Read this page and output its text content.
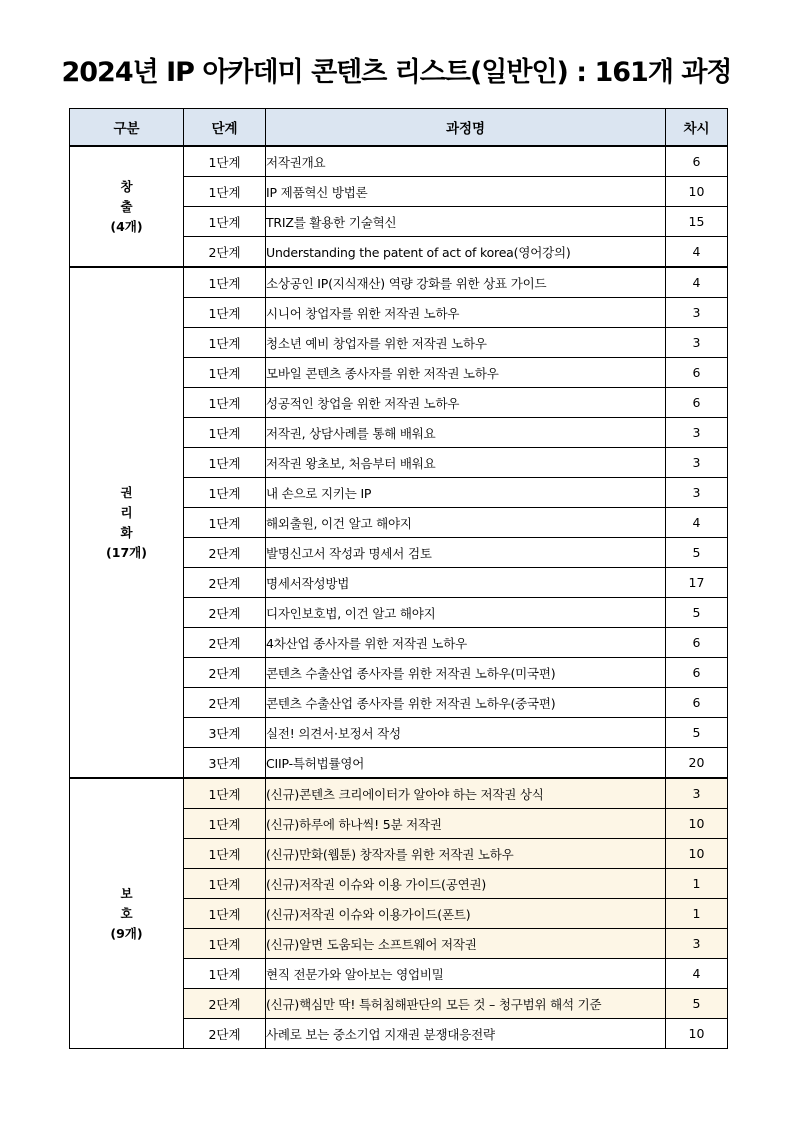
2024년 IP 아카데미 콘텐츠 리스트(일반인) : 161개 과정
구분	단계	과정명	차시

창
출
(4개)	1단계	저작권개요	6
	1단계	IP 제품혁신 방법론	10
	1단계	TRIZ를 활용한 기술혁신	15
	2단계	Understanding the patent of act of korea(영어강의)	4

권
리
화
(17개)	1단계	소상공인 IP(지식재산) 역량 강화를 위한 상표 가이드	4
	1단계	시니어 창업자를 위한 저작권 노하우	3
	1단계	청소년 예비 창업자를 위한 저작권 노하우	3
	1단계	모바일 콘텐츠 종사자를 위한 저작권 노하우	6
	1단계	성공적인 창업을 위한 저작권 노하우	6
	1단계	저작권, 상담사례를 통해 배워요	3
	1단계	저작권 왕초보, 처음부터 배워요	3
	1단계	내 손으로 지키는 IP	3
	1단계	해외출원, 이건 알고 해야지	4
	2단계	발명신고서 작성과 명세서 검토	5
	2단계	명세서작성방법	17
	2단계	디자인보호법, 이건 알고 해야지	5
	2단계	4차산업 종사자를 위한 저작권 노하우	6
	2단계	콘텐츠 수출산업 종사자를 위한 저작권 노하우(미국편)	6
	2단계	콘텐츠 수출산업 종사자를 위한 저작권 노하우(중국편)	6
	3단계	실전! 의견서·보정서 작성	5
	3단계	CIIP-특허법률영어	20

보
호
(9개)	1단계	(신규)콘텐츠 크리에이터가 알아야 하는 저작권 상식	3
	1단계	(신규)하루에 하나씩! 5분 저작권	10
	1단계	(신규)만화(웹툰) 창작자를 위한 저작권 노하우	10
	1단계	(신규)저작권 이슈와 이용 가이드(공연권)	1
	1단계	(신규)저작권 이슈와 이용가이드(폰트)	1
	1단계	(신규)알면 도움되는 소프트웨어 저작권	3
	1단계	현직 전문가와 알아보는 영업비밀	4
	2단계	(신규)핵심만 딱! 특허침해판단의 모든 것 – 청구범위 해석 기준	5
	2단계	사례로 보는 중소기업 지재권 분쟁대응전략	10
